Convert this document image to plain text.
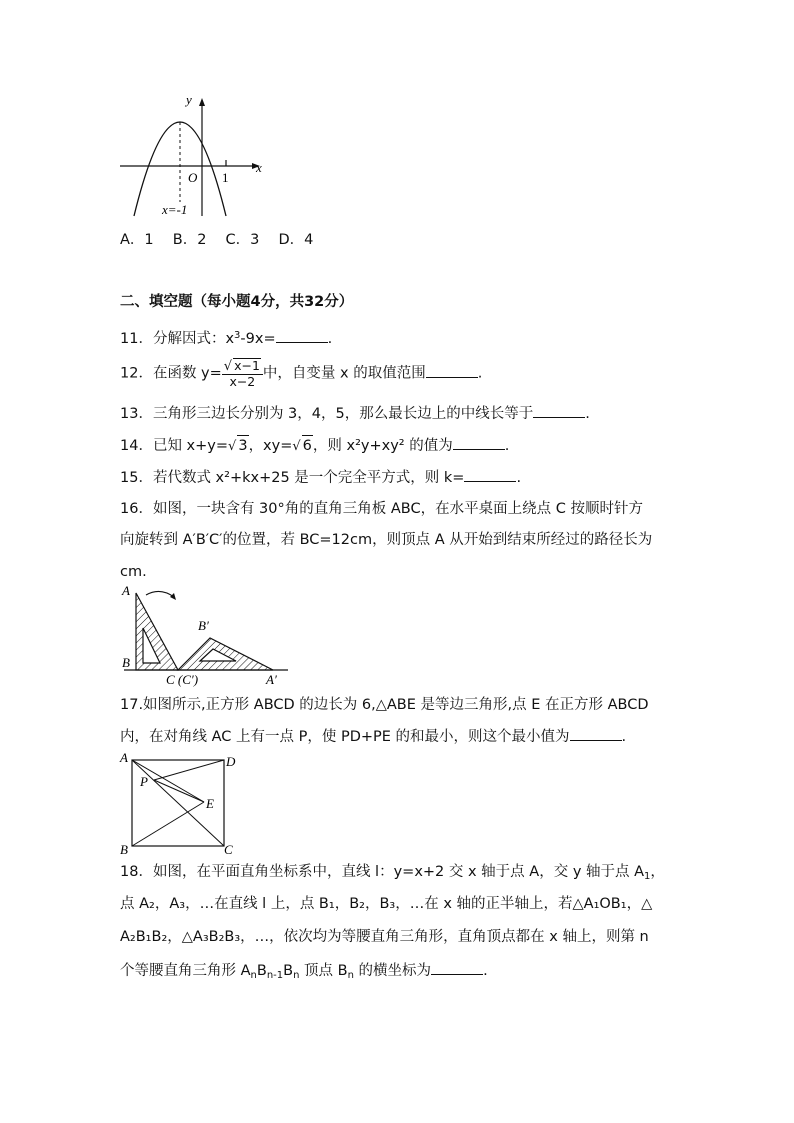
y
x
O 1
x=-1
A．1　 B．2　 C．3　 D．4
二、填空题（每小题4分，共32分）
11．分解因式：$x^3-9x=$	.
12．在函数 $y= \frac{√ x-1}{x-2}$ 中，自变量 x 的取值范围	.
13．三角形三边长分别为 3，4，5，那么最长边上的中线长等于	.
14．已知 x+y=√ 3，xy=√ 6，则 x²y+xy² 的值为	.
15．若代数式 x²+kx+25 是一个完全平方式，则 k=	.
16．如图，一块含有 30°角的直角三角板 ABC，在水平桌面上绕点 C 按顺时针方
向旋转到 A′B′C′的位置，若 BC=12cm，则顶点 A 从开始到结束所经过的路径长为
cm.
A
B
C (C′)
B′
A′
17.如图所示,正方形 ABCD 的边长为 6,△ABE 是等边三角形,点 E 在正方形 ABCD
内，在对角线 AC 上有一点 P，使 PD+PE 的和最小，则这个最小值为	.
A	D
P
E
B	C
18．如图，在平面直角坐标系中，直线 l：y=x+2 交 x 轴于点 A，交 y 轴于点 $A_1$，
点 A₂，A₃，…在直线 l 上，点 B₁，B₂，B₃，…在 x 轴的正半轴上，若△A₁OB₁，△
A₂B₁B₂，△A₃B₂B₃，…，依次均为等腰直角三角形，直角顶点都在 x 轴上，则第 n
个等腰直角三角形 $A_nB_{n-1}B_n$ 顶点 $B_n$ 的横坐标为	.
